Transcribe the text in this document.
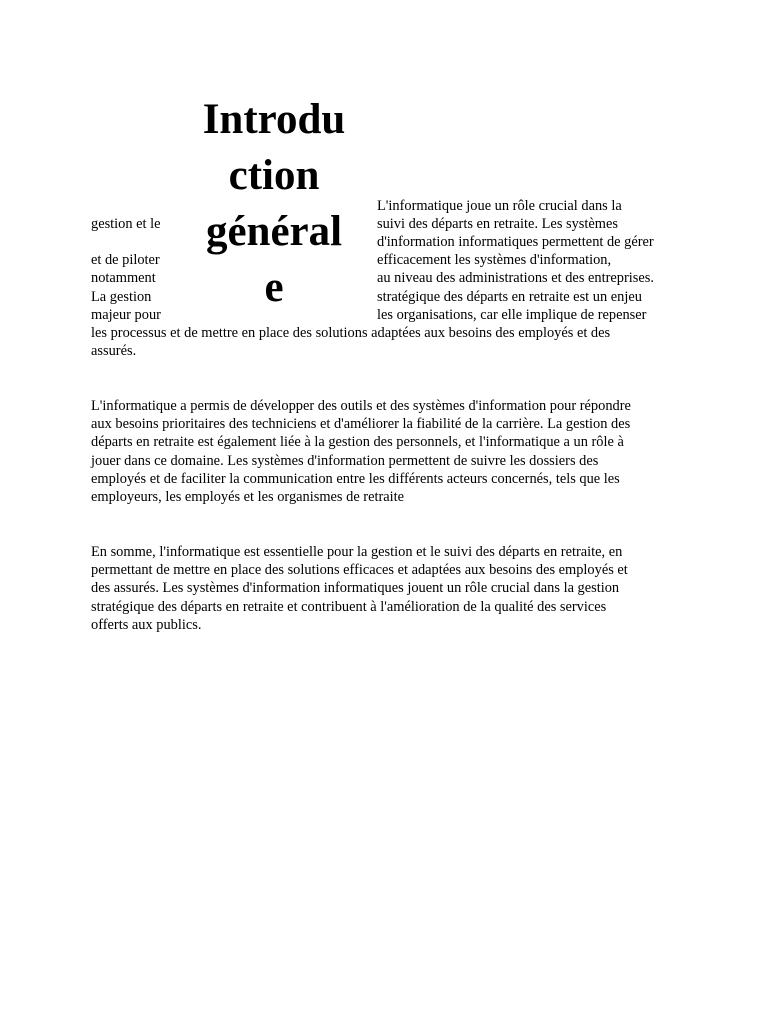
Introdu
ction
général
e

gestion et le

et de piloter

notamment

La gestion

majeur pour

L'informatique joue un rôle crucial dans la

suivi des départs en retraite. Les systèmes

d'information informatiques permettent de gérer

efficacement les systèmes d'information,

au niveau des administrations et des entreprises.

stratégique des départs en retraite est un enjeu

les organisations, car elle implique de repenser

les processus et de mettre en place des solutions adaptées aux besoins des employés et des

assurés.

L'informatique a permis de développer des outils et des systèmes d'information pour répondre
aux besoins prioritaires des techniciens et d'améliorer la fiabilité de la carrière. La gestion des
départs en retraite est également liée à la gestion des personnels, et l'informatique a un rôle à
jouer dans ce domaine. Les systèmes d'information permettent de suivre les dossiers des
employés et de faciliter la communication entre les différents acteurs concernés, tels que les
employeurs, les employés et les organismes de retraite
En somme, l'informatique est essentielle pour la gestion et le suivi des départs en retraite, en
permettant de mettre en place des solutions efficaces et adaptées aux besoins des employés et
des assurés. Les systèmes d'information informatiques jouent un rôle crucial dans la gestion
stratégique des départs en retraite et contribuent à l'amélioration de la qualité des services
offerts aux publics.
